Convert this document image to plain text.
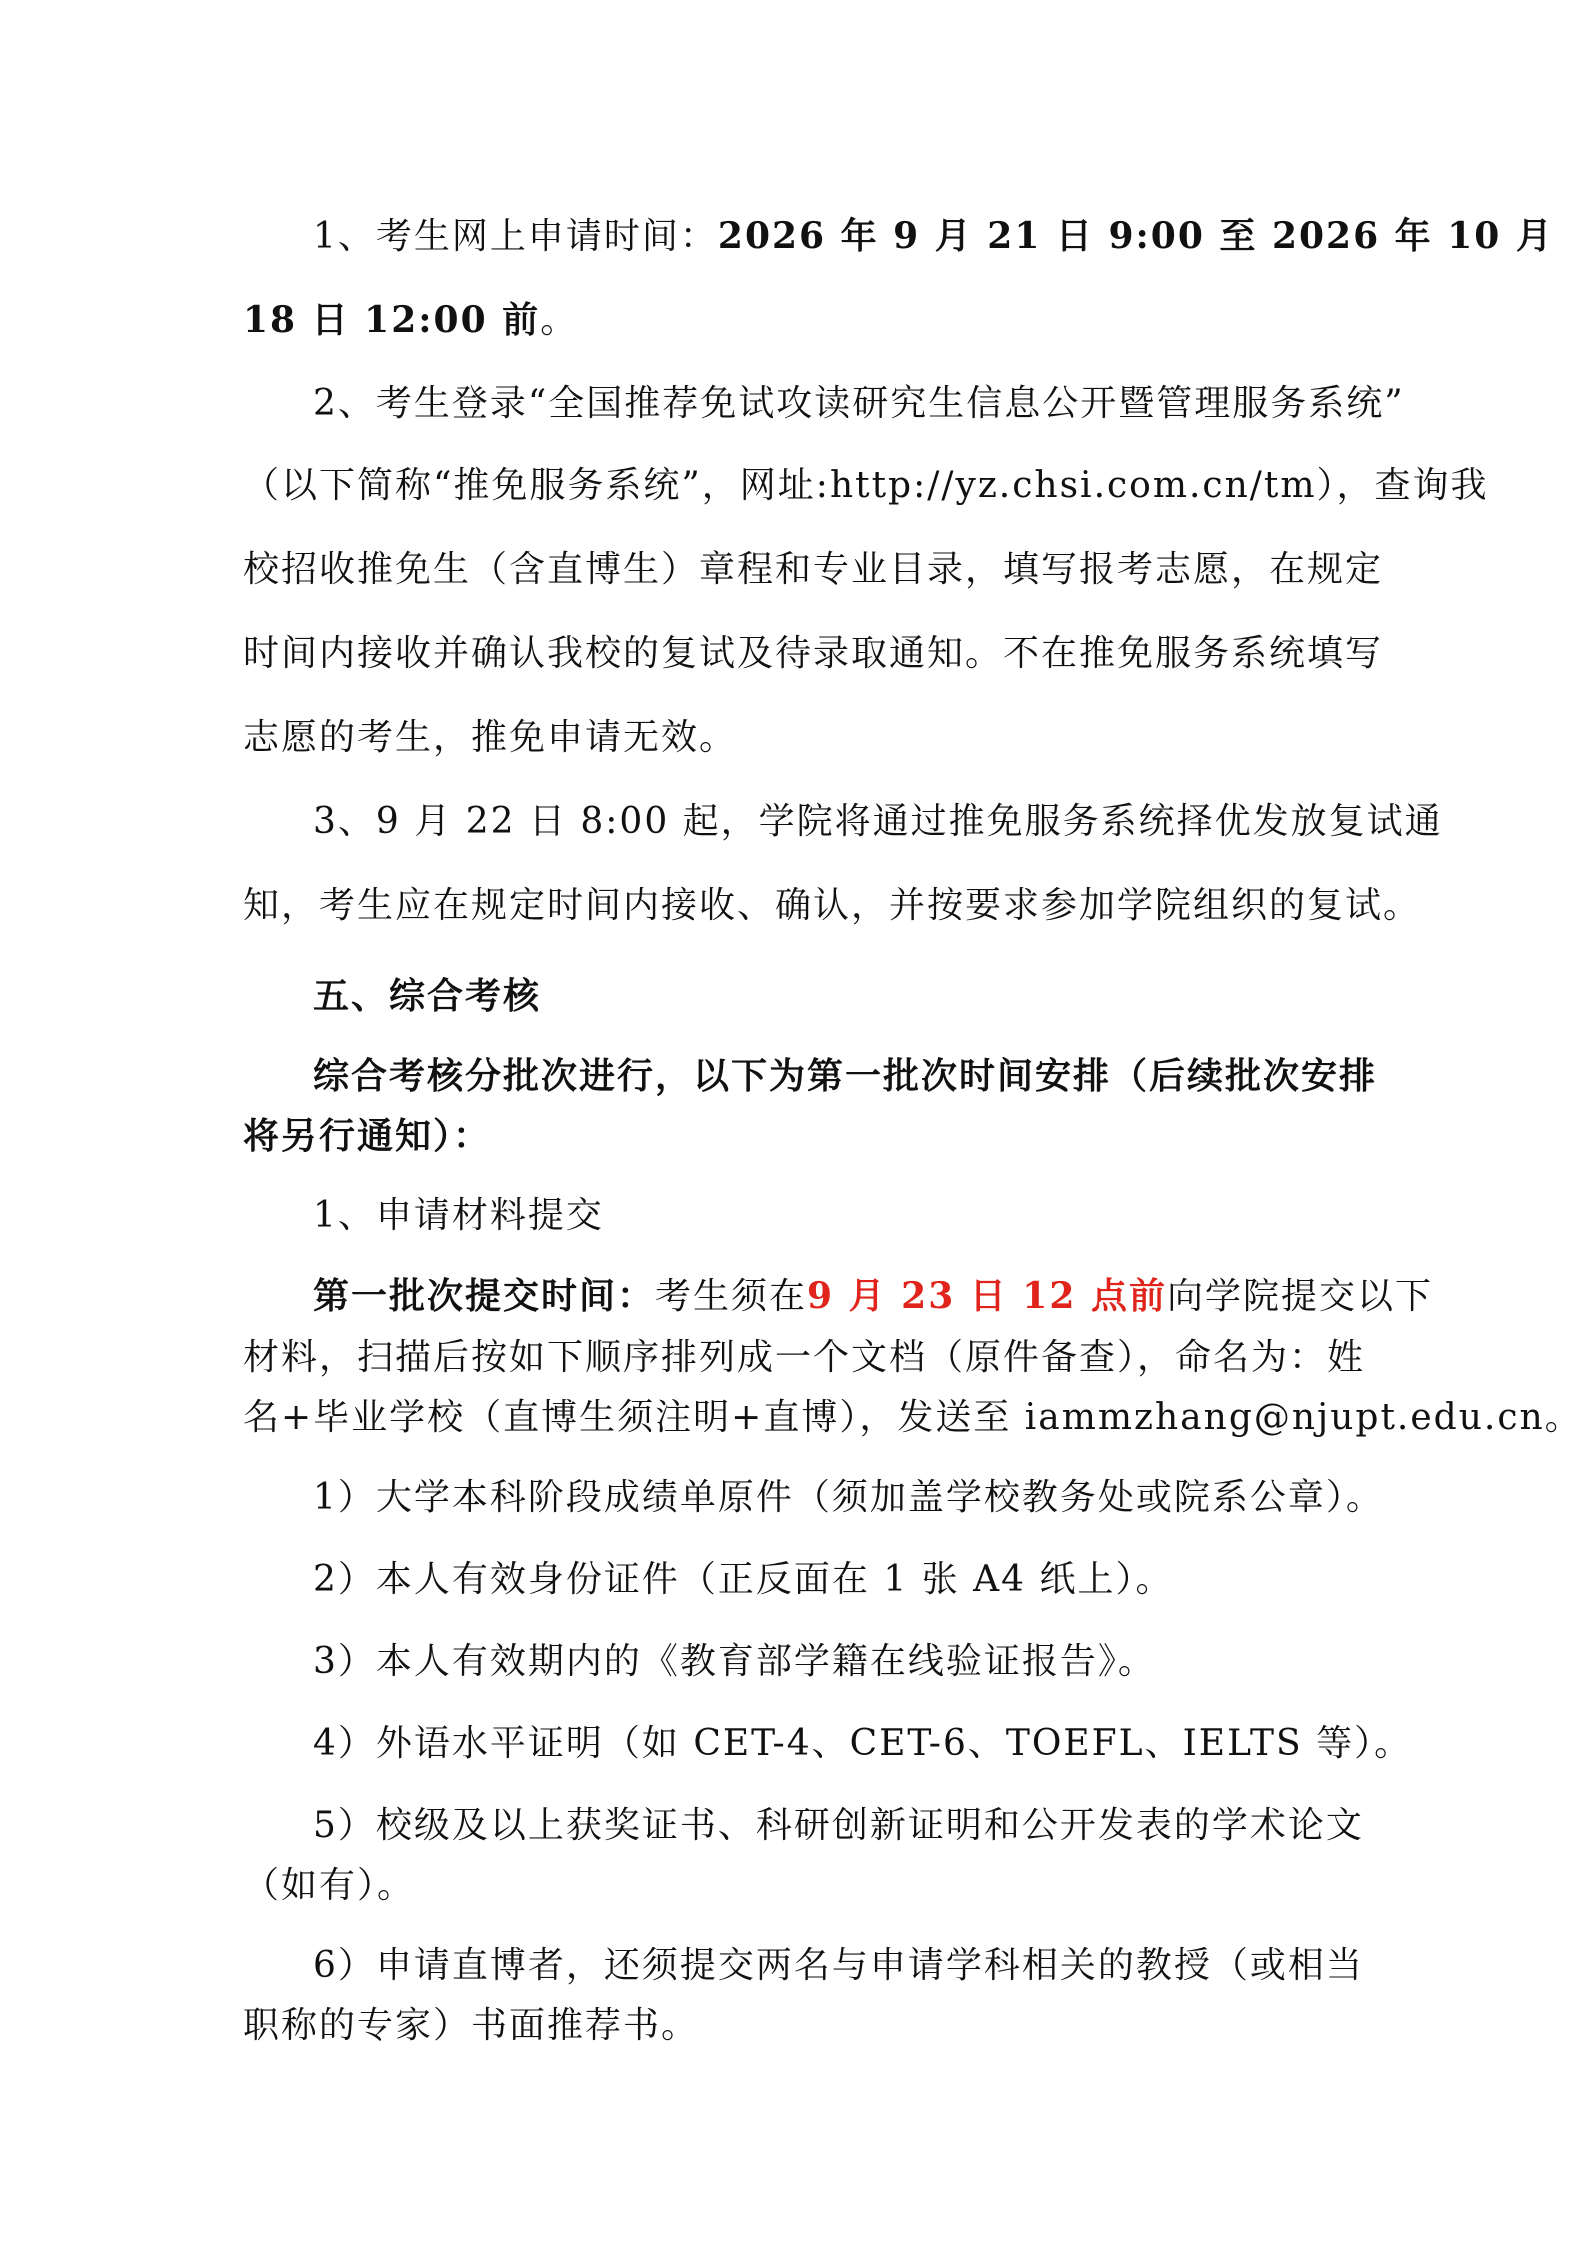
1、考生网上申请时间：2026 年 9 月 21 日 9:00 至 2026 年 10 月
18 日 12:00 前。
2、考生登录“全国推荐免试攻读研究生信息公开暨管理服务系统”
（以下简称“推免服务系统”，网址:http://yz.chsi.com.cn/tm），查询我
校招收推免生（含直博生）章程和专业目录，填写报考志愿，在规定
时间内接收并确认我校的复试及待录取通知。不在推免服务系统填写
志愿的考生，推免申请无效。
3、9 月 22 日 8:00 起，学院将通过推免服务系统择优发放复试通
知，考生应在规定时间内接收、确认，并按要求参加学院组织的复试。
五、综合考核
综合考核分批次进行，以下为第一批次时间安排（后续批次安排
将另行通知）：
1、申请材料提交
第一批次提交时间：考生须在9 月 23 日 12 点前向学院提交以下
材料，扫描后按如下顺序排列成一个文档（原件备查），命名为：姓
名+毕业学校（直博生须注明+直博），发送至 iammzhang@njupt.edu.cn。
1）大学本科阶段成绩单原件（须加盖学校教务处或院系公章）。
2）本人有效身份证件（正反面在 1 张 A4 纸上）。
3）本人有效期内的《教育部学籍在线验证报告》。
4）外语水平证明（如 CET-4、CET-6、TOEFL、IELTS 等）。
5）校级及以上获奖证书、科研创新证明和公开发表的学术论文
（如有）。
6）申请直博者，还须提交两名与申请学科相关的教授（或相当
职称的专家）书面推荐书。
